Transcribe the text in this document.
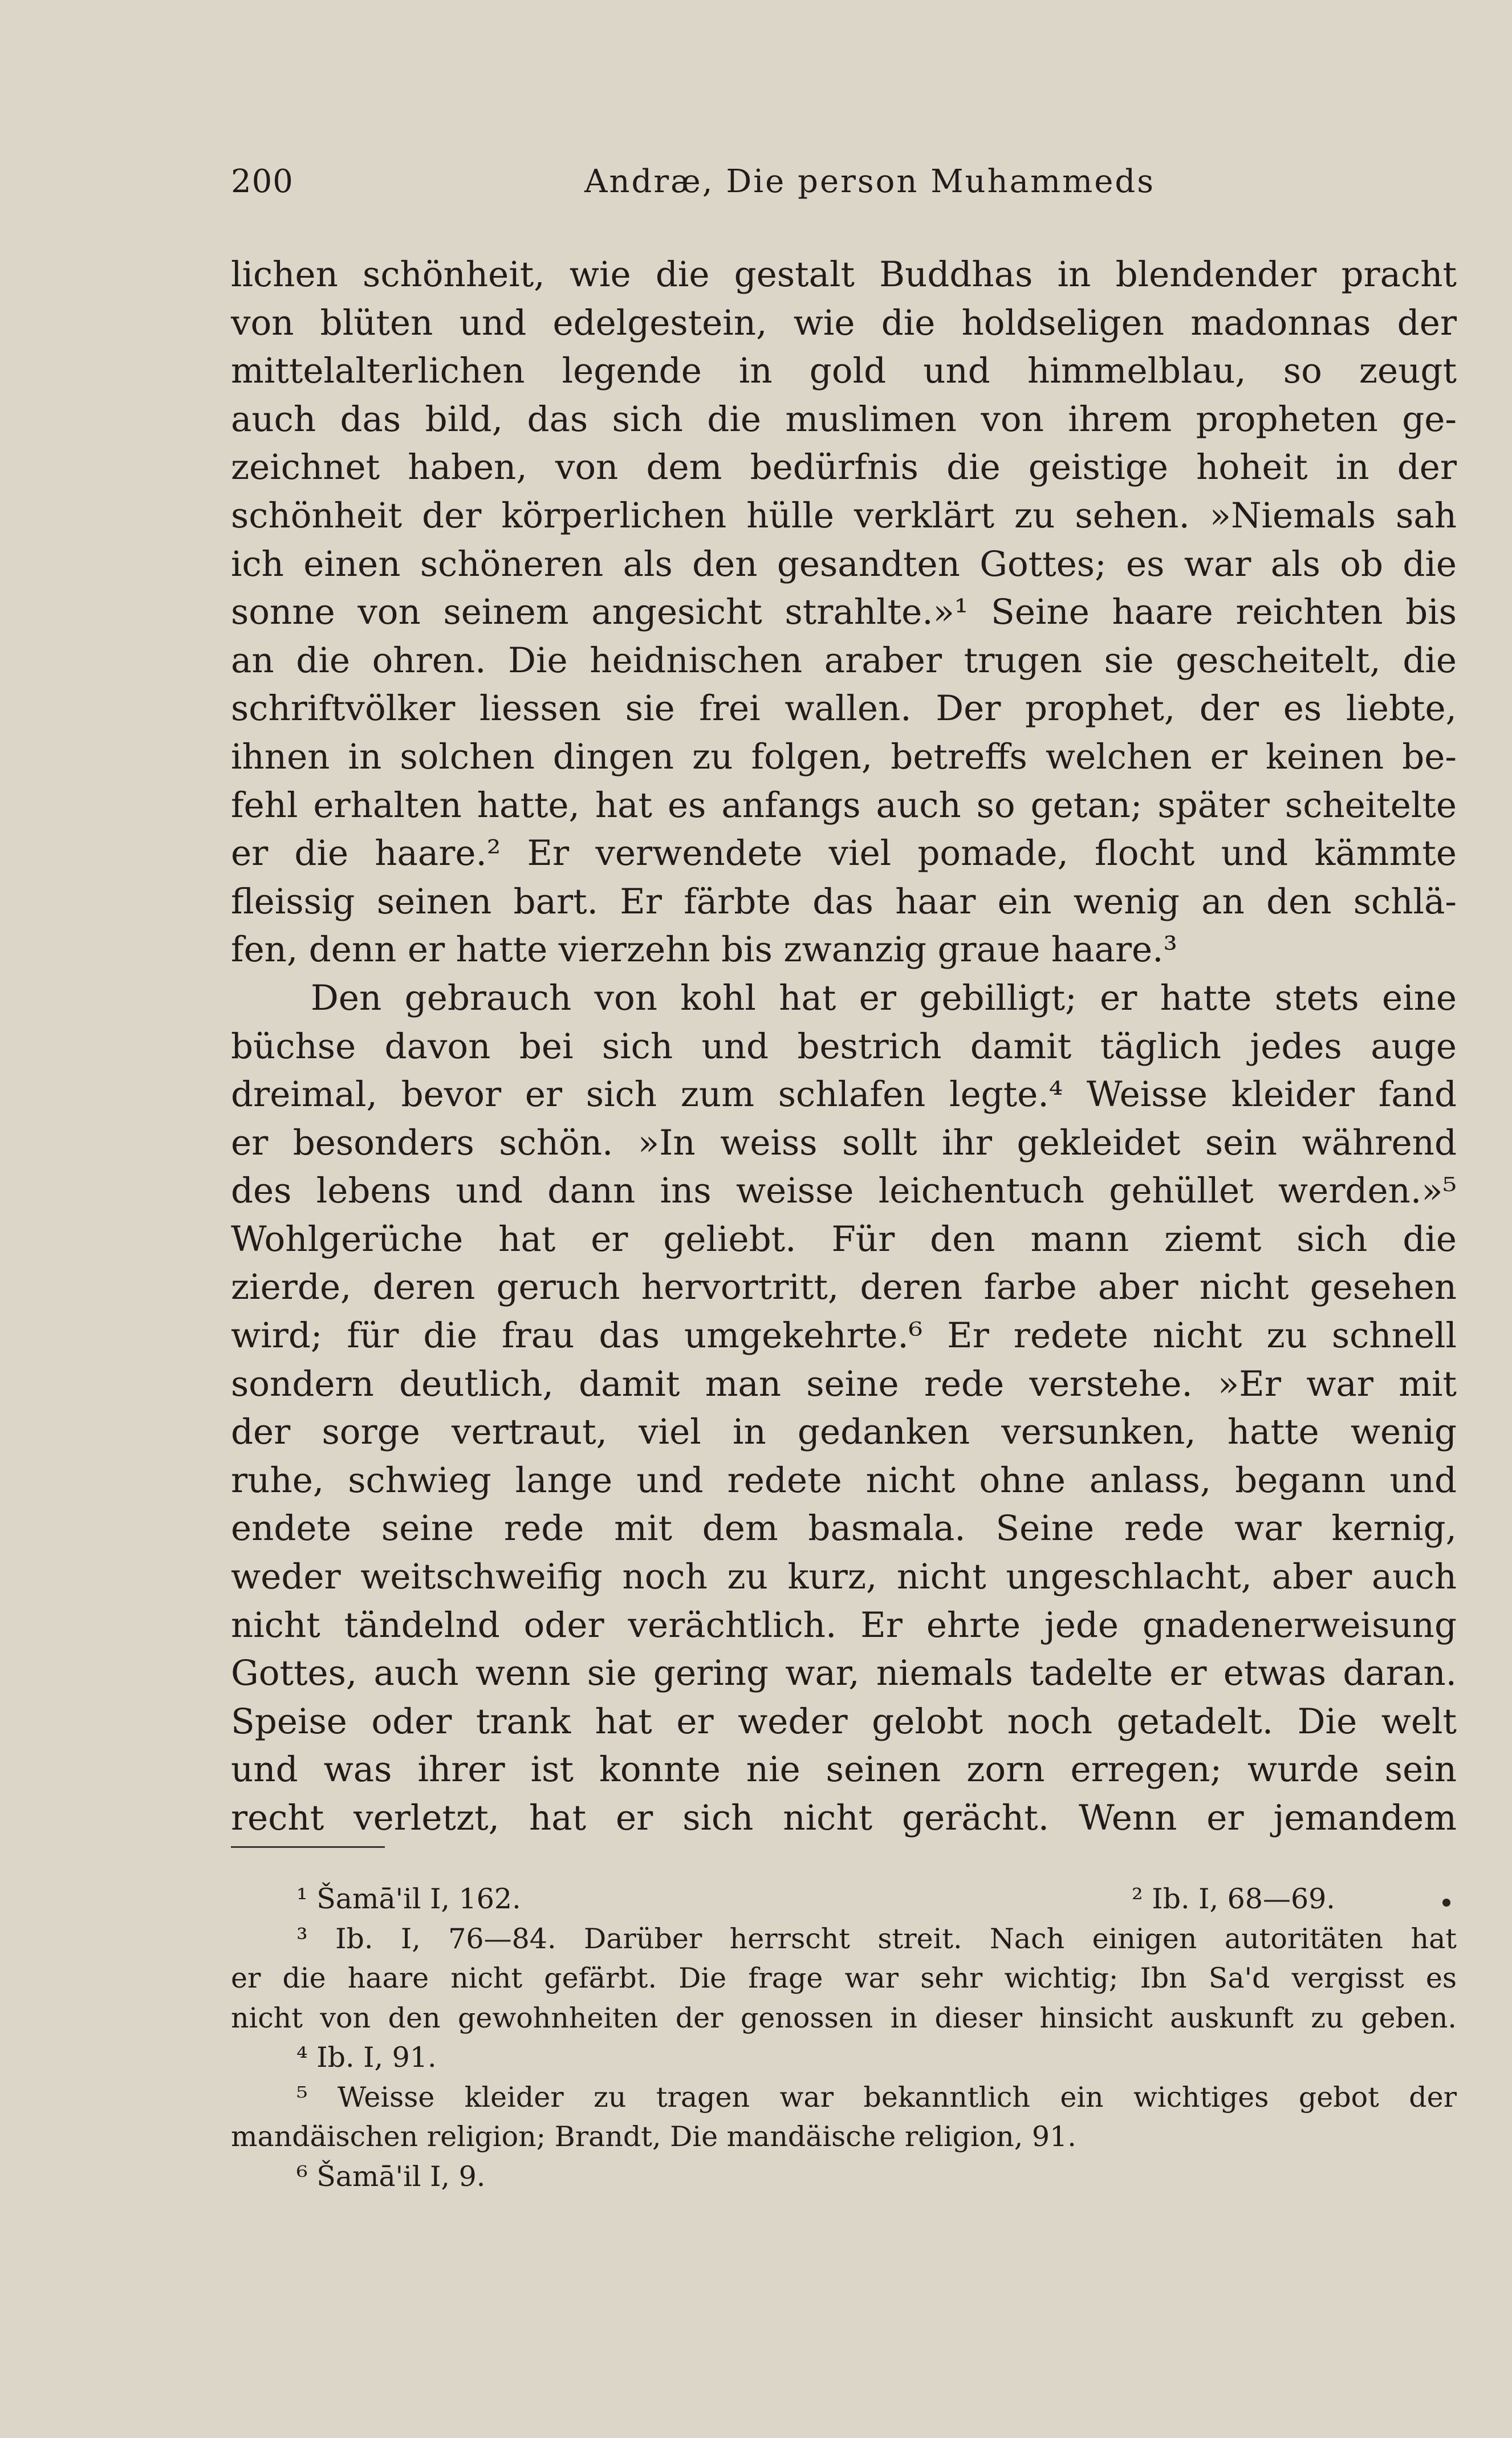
200	Andræ, Die person Muhammeds
lichen schönheit, wie die gestalt Buddhas in blendender pracht
von blüten und edelgestein, wie die holdseligen madonnas der
mittelalterlichen legende in gold und himmelblau, so zeugt
auch das bild, das sich die muslimen von ihrem propheten ge-
zeichnet haben, von dem bedürfnis die geistige hoheit in der
schönheit der körperlichen hülle verklärt zu sehen. »Niemals sah
ich einen schöneren als den gesandten Gottes; es war als ob die
sonne von seinem angesicht strahlte.»¹ Seine haare reichten bis
an die ohren. Die heidnischen araber trugen sie gescheitelt, die
schriftvölker liessen sie frei wallen. Der prophet, der es liebte,
ihnen in solchen dingen zu folgen, betreffs welchen er keinen be-
fehl erhalten hatte, hat es anfangs auch so getan; später scheitelte
er die haare.² Er verwendete viel pomade, flocht und kämmte
fleissig seinen bart. Er färbte das haar ein wenig an den schlä-
fen, denn er hatte vierzehn bis zwanzig graue haare.³
Den gebrauch von kohl hat er gebilligt; er hatte stets eine
büchse davon bei sich und bestrich damit täglich jedes auge
dreimal, bevor er sich zum schlafen legte.⁴ Weisse kleider fand
er besonders schön. »In weiss sollt ihr gekleidet sein während
des lebens und dann ins weisse leichentuch gehüllet werden.»⁵
Wohlgerüche hat er geliebt. Für den mann ziemt sich die
zierde, deren geruch hervortritt, deren farbe aber nicht gesehen
wird; für die frau das umgekehrte.⁶ Er redete nicht zu schnell
sondern deutlich, damit man seine rede verstehe. »Er war mit
der sorge vertraut, viel in gedanken versunken, hatte wenig
ruhe, schwieg lange und redete nicht ohne anlass, begann und
endete seine rede mit dem basmala. Seine rede war kernig,
weder weitschweifig noch zu kurz, nicht ungeschlacht, aber auch
nicht tändelnd oder verächtlich. Er ehrte jede gnadenerweisung
Gottes, auch wenn sie gering war, niemals tadelte er etwas daran.
Speise oder trank hat er weder gelobt noch getadelt. Die welt
und was ihrer ist konnte nie seinen zorn erregen; wurde sein
recht verletzt, hat er sich nicht gerächt. Wenn er jemandem
¹ Šamā'il I, 162.	² Ib. I, 68—69.
³ Ib. I, 76—84. Darüber herrscht streit. Nach einigen autoritäten hat
er die haare nicht gefärbt. Die frage war sehr wichtig; Ibn Sa'd vergisst es
nicht von den gewohnheiten der genossen in dieser hinsicht auskunft zu geben.
⁴ Ib. I, 91.
⁵ Weisse kleider zu tragen war bekanntlich ein wichtiges gebot der
mandäischen religion; Brandt, Die mandäische religion, 91.
⁶ Šamā'il I, 9.
